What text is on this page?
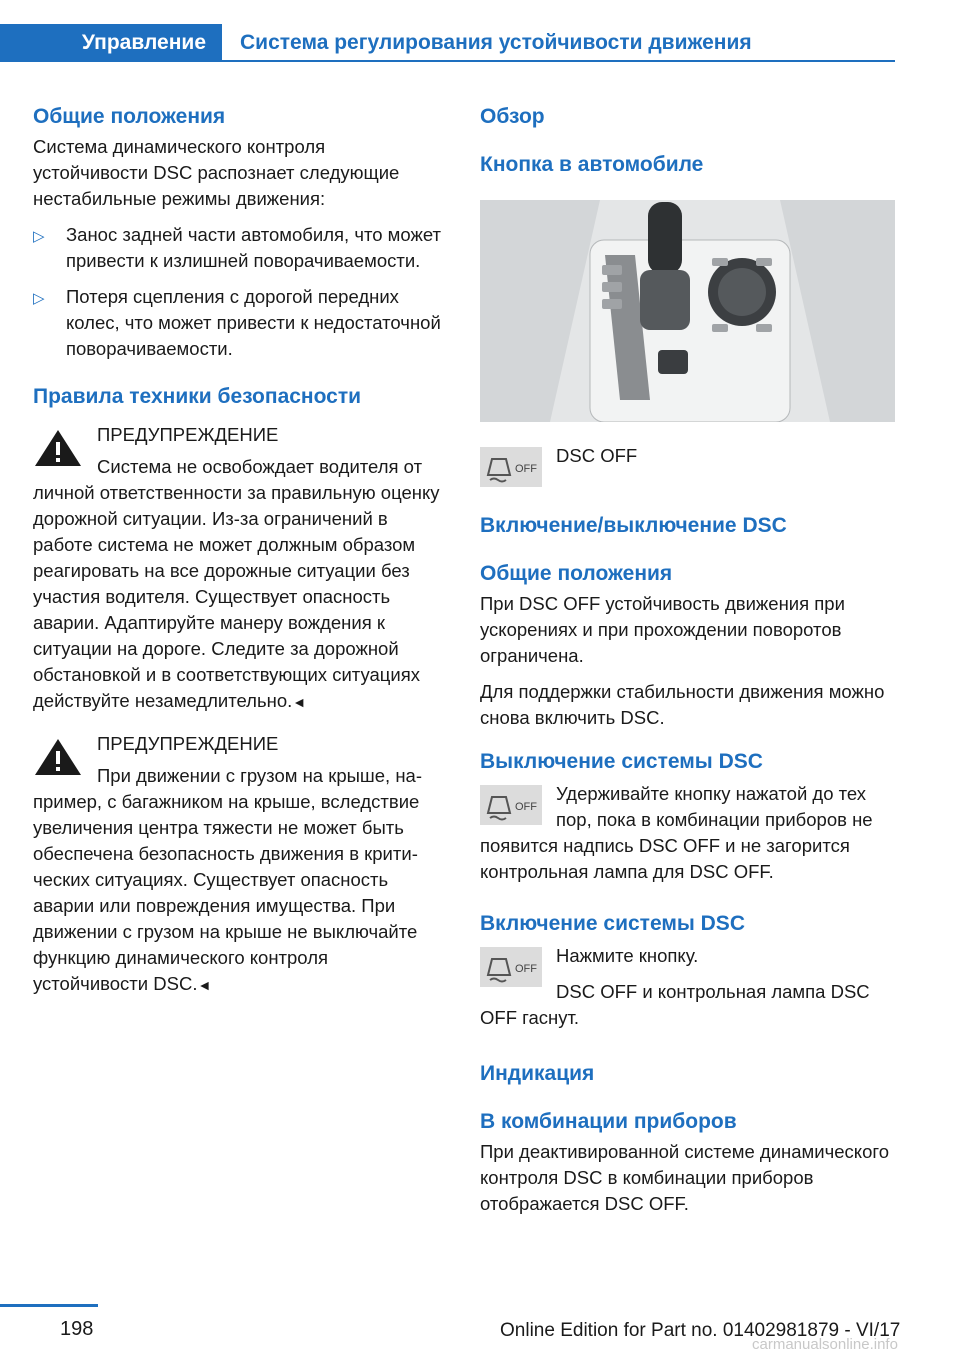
Управление	Система регулирования устойчивости движения
Общие положения

Система динамического контроля устойчивости DSC распознает следующие нестабильные режимы движения:

▷ Занос задней части автомобиля, что может привести к излишней поворачиваемости.
▷ Потеря сцепления с дорогой передних колес, что может привести к недостаточной поворачиваемости.
Правила техники безопасности
ПРЕДУПРЕЖДЕНИЕ

Система не освобождает водителя от личной ответственности за правильную оценку дорожной ситуации. Из-за ограничений в работе система не может должным образом реагировать на все дорожные ситуации без участия водителя. Существует опасность аварии. Адаптируйте манеру вождения к ситуации на дороге. Следите за дорожной обстановкой и в соответствующих ситуациях действуйте незамедлительно.◄

ПРЕДУПРЕЖДЕНИЕ

При движении с грузом на крыше, например, с багажником на крыше, вследствие увеличения центра тяжести не может быть обеспечена безопасность движения в критических ситуациях. Существует опасность аварии или повреждения имущества. При движении с грузом на крыше не выключайте функцию динамического контроля устойчивости DSC.◄

Обзор
Кнопка в автомобиле
OFF

DSC OFF

Включение/выключение DSC
Общие положения

При DSC OFF устойчивость движения при ускорениях и при прохождении поворотов ограничена.

Для поддержки стабильности движения можно снова включить DSC.

Выключение системы DSC
OFF

Удерживайте кнопку нажатой до тех пор, пока в комбинации приборов не появится надпись DSC OFF и не загорится контрольная лампа для DSC OFF.

Включение системы DSC
OFF

Нажмите кнопку.

DSC OFF и контрольная лампа DSC OFF гаснут.

Индикация
В комбинации приборов

При деактивированной системе динамического контроля DSC в комбинации приборов отображается DSC OFF.

198	Online Edition for Part no. 01402981879 - VI/17
carmanualsonline.info
